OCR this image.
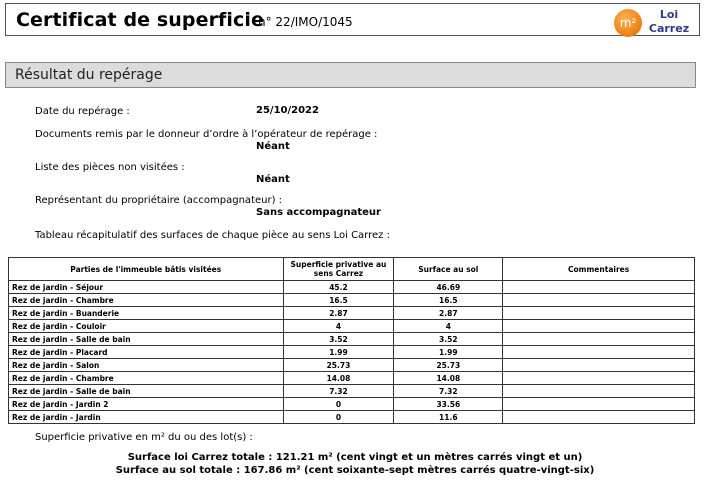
Certificat de superficie
n° 22/IMO/1045	m²
Loi
Carrez
Résultat du repérage
Date du repérage :	25/10/2022
Documents remis par le donneur d’ordre à l’opérateur de repérage :
Néant
Liste des pièces non visitées :
Néant
Représentant du propriétaire (accompagnateur) :
Sans accompagnateur
Tableau récapitulatif des surfaces de chaque pièce au sens Loi Carrez :
Parties de l'immeuble bâtis visitées	Superficie privative au sens Carrez	Surface au sol	Commentaires
Rez de jardin - Séjour	45.2	46.69	
Rez de jardin - Chambre	16.5	16.5	
Rez de jardin - Buanderie	2.87	2.87	
Rez de jardin - Couloir	4	4	
Rez de jardin - Salle de bain	3.52	3.52	
Rez de jardin - Placard	1.99	1.99	
Rez de jardin - Salon	25.73	25.73	
Rez de jardin - Chambre	14.08	14.08	
Rez de jardin - Salle de bain	7.32	7.32	
Rez de jardin - Jardin 2	0	33.56	
Rez de jardin - Jardin	0	11.6	
Superficie privative en m² du ou des lot(s) :
Surface loi Carrez totale : 121.21 m² (cent vingt et un mètres carrés vingt et un)
Surface au sol totale : 167.86 m² (cent soixante-sept mètres carrés quatre-vingt-six)
